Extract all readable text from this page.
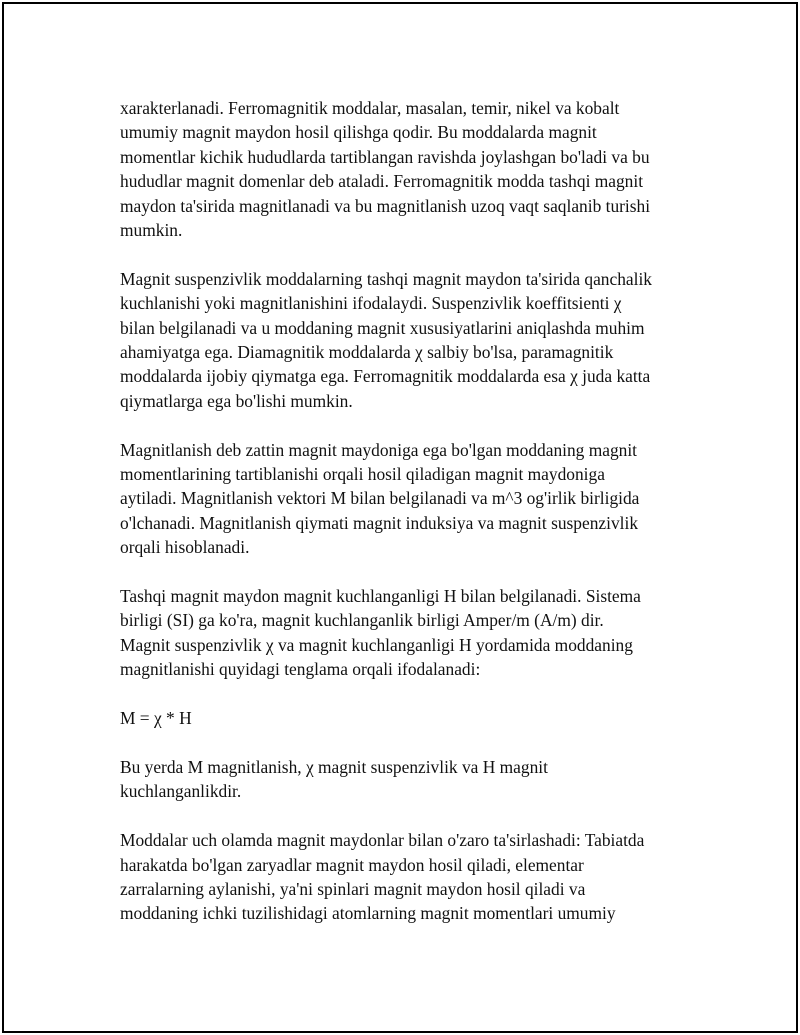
xarakterlanadi. Ferromagnitik moddalar, masalan, temir, nikel va kobalt
umumiy magnit maydon hosil qilishga qodir. Bu moddalarda magnit
momentlar kichik hududlarda tartiblangan ravishda joylashgan bo'ladi va bu
hududlar magnit domenlar deb ataladi. Ferromagnitik modda tashqi magnit
maydon ta'sirida magnitlanadi va bu magnitlanish uzoq vaqt saqlanib turishi
mumkin.

Magnit suspenzivlik moddalarning tashqi magnit maydon ta'sirida qanchalik
kuchlanishi yoki magnitlanishini ifodalaydi. Suspenzivlik koeffitsienti χ
bilan belgilanadi va u moddaning magnit xususiyatlarini aniqlashda muhim
ahamiyatga ega. Diamagnitik moddalarda χ salbiy bo'lsa, paramagnitik
moddalarda ijobiy qiymatga ega. Ferromagnitik moddalarda esa χ juda katta
qiymatlarga ega bo'lishi mumkin.

Magnitlanish deb zattin magnit maydoniga ega bo'lgan moddaning magnit
momentlarining tartiblanishi orqali hosil qiladigan magnit maydoniga
aytiladi. Magnitlanish vektori M bilan belgilanadi va m^3 og'irlik birligida
o'lchanadi. Magnitlanish qiymati magnit induksiya va magnit suspenzivlik
orqali hisoblanadi.

Tashqi magnit maydon magnit kuchlanganligi H bilan belgilanadi. Sistema
birligi (SI) ga ko'ra, magnit kuchlanganlik birligi Amper/m (A/m) dir.
Magnit suspenzivlik χ va magnit kuchlanganligi H yordamida moddaning
magnitlanishi quyidagi tenglama orqali ifodalanadi:

M = χ * H

Bu yerda M magnitlanish, χ magnit suspenzivlik va H magnit
kuchlanganlikdir.

Moddalar uch olamda magnit maydonlar bilan o'zaro ta'sirlashadi: Tabiatda
harakatda bo'lgan zaryadlar magnit maydon hosil qiladi, elementar
zarralarning aylanishi, ya'ni spinlari magnit maydon hosil qiladi va
moddaning ichki tuzilishidagi atomlarning magnit momentlari umumiy
